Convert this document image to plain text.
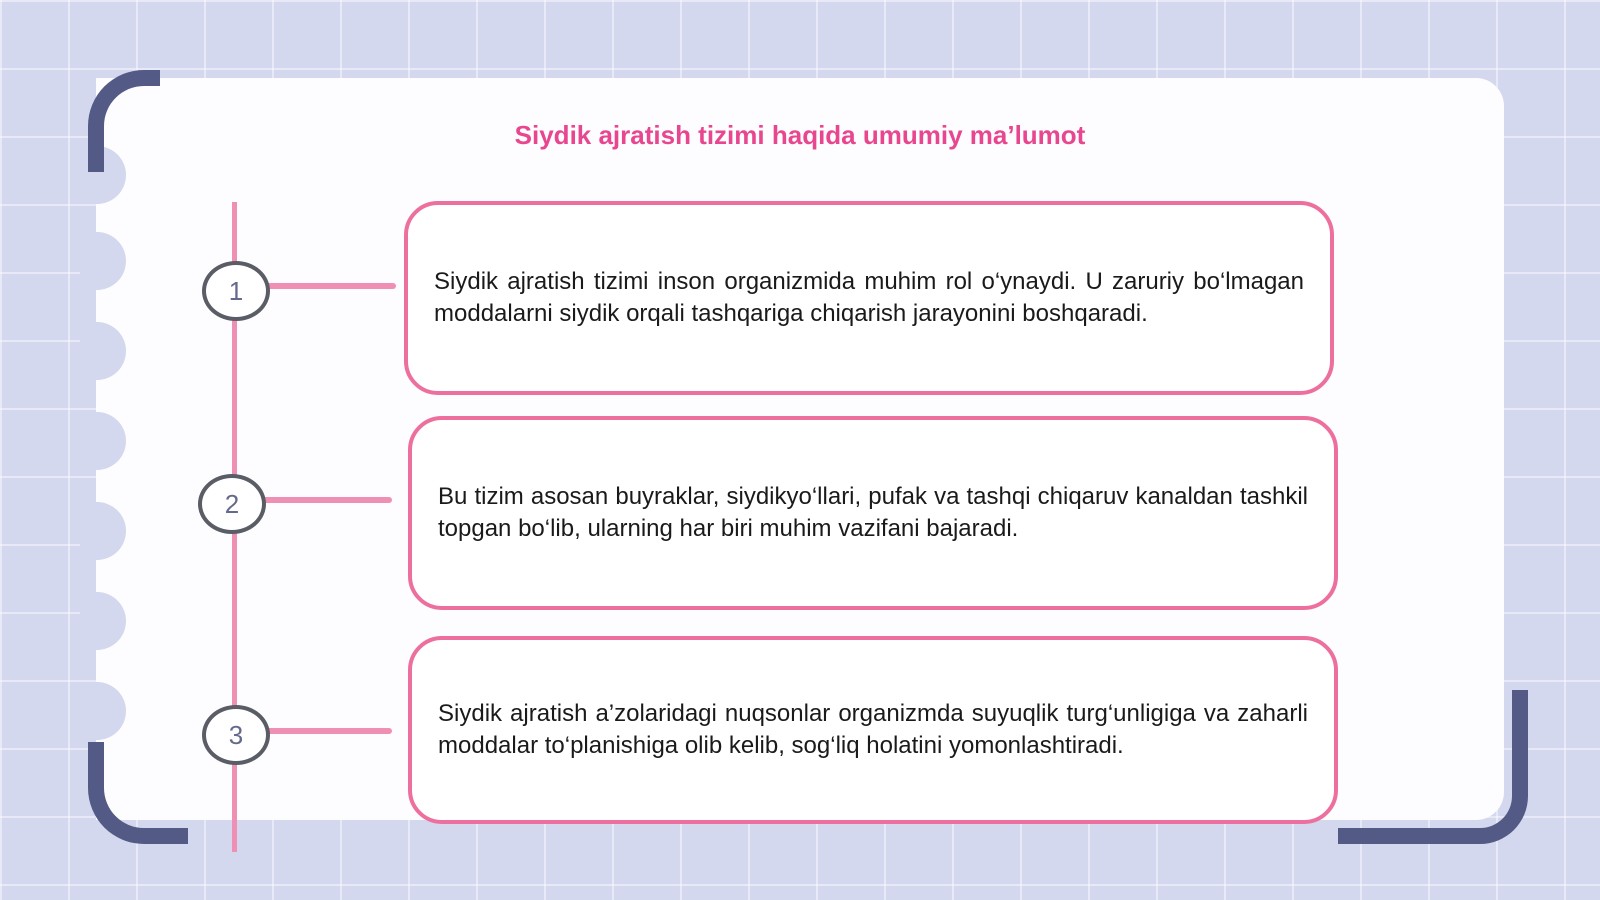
Siydik ajratish tizimi haqida umumiy ma’lumot
1
2
3

Siydik ajratish tizimi inson organizmida muhim rol o‘ynaydi. U zaruriy bo‘lmagan moddalarni siydik orqali tashqariga chiqarish jarayonini boshqaradi.

Bu tizim asosan buyraklar, siydikyo‘llari, pufak va tashqi chiqaruv kanaldan tashkil topgan bo‘lib, ularning har biri muhim vazifani bajaradi.

Siydik ajratish a’zolaridagi nuqsonlar organizmda suyuqlik turg‘unligiga va zaharli moddalar to‘planishiga olib kelib, sog‘liq holatini yomonlashtiradi.
